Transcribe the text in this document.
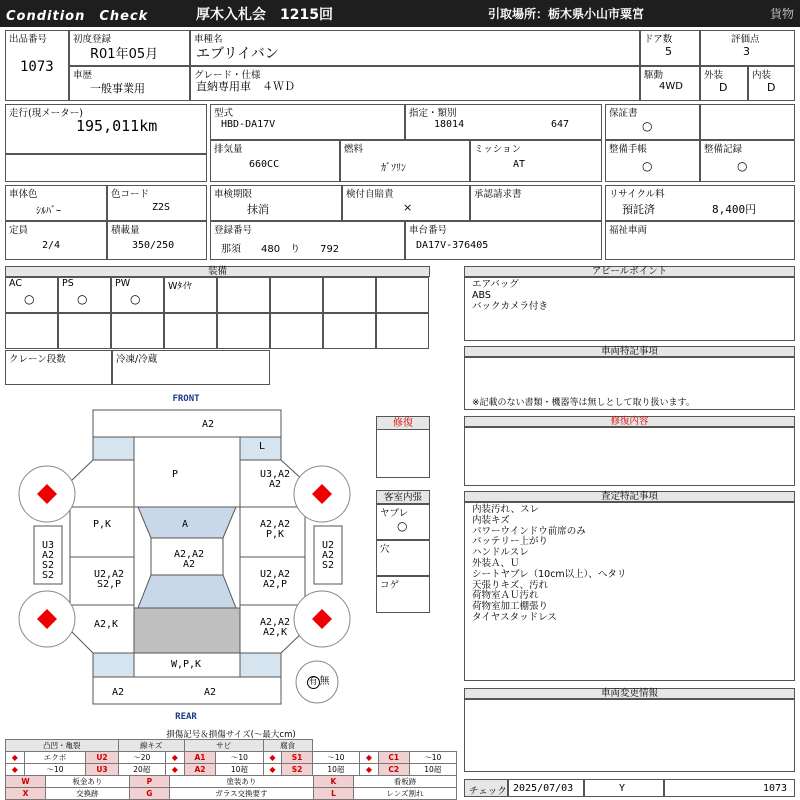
Condition　Check	厚木入札会　1215回	引取場所：栃木県小山市粟宮	貨物
出品番号
1073
初度登録
R01年05月
車種名
エブリイバン
ドア数
5
評価点
3
車歴
一般事業用
グレード・仕様
直納専用車　４ＷＤ
駆動
4WD
外装
D
内装
D
走行(現メーター)
195,011km
型式
HBD-DA17V
指定・類別
18014	647
保証書
○
排気量
660CC
燃料
ｶﾞｿﾘﾝ
ミッション
AT
整備手帳
○
整備記録
○
車体色
ｼﾙﾊﾞｰ
色コード
Z2S
車検期限
抹消
検付自賠責
×
承認請求書	リサイクル料
預託済	8,400円
定員
2/4
積載量
350/250
登録番号
那須　　480　り　　792
車台番号
DA17V-376405
福祉車両
装備
AC
○
PS
○
PW
○
Wﾀｲﾔ
クレーン段数	冷凍/冷蔵
アピールポイント
エアバッグ
ABS
バックカメラ付き
車両特記事項
※記載のない書類・機器等は無しとして取り扱います。
修復内容
査定特記事項
内装汚れ、スレ
内装キズ
パワーウインドウ前席のみ
バッテリー上がり
ハンドルスレ
外装Ａ、Ｕ
シートヤブレ（10cm以上）、ヘタリ
天張りキズ、汚れ
荷物室ＡＵ汚れ
荷物室加工棚張り
タイヤスタッドレス
車両変更情報
チェック 2025/07/03	Y	1073
FRONT
REAR
A2
L
P	U3,A2
A2
A
P,K	A2,A2
P,K
A2,A2
A2
U2,A2
S2,P
U2,A2
A2,P
U3
A2
S2
S2
U2
A2
S2
A2,K	A2,A2
A2,K
W,P,K
A2	A2
有 無
修復
客室内張
ヤブレ
○
穴
コゲ
損傷記号＆損傷サイズ(〜最大cm)
凸凹・亀裂			線キズ		サビ		腐食					
◆	エクボ	U2	〜20	◆	A1	〜10	◆	S1	〜10	◆	C1	〜10
◆	〜10	U3	20超	◆	A2	10超	◆	S2	10超	◆	C2	10超
W	板金あり	P	塗装あり	K	看板跡
X	交換跡	G	ガラス交換要す	L	レンズ割れ
